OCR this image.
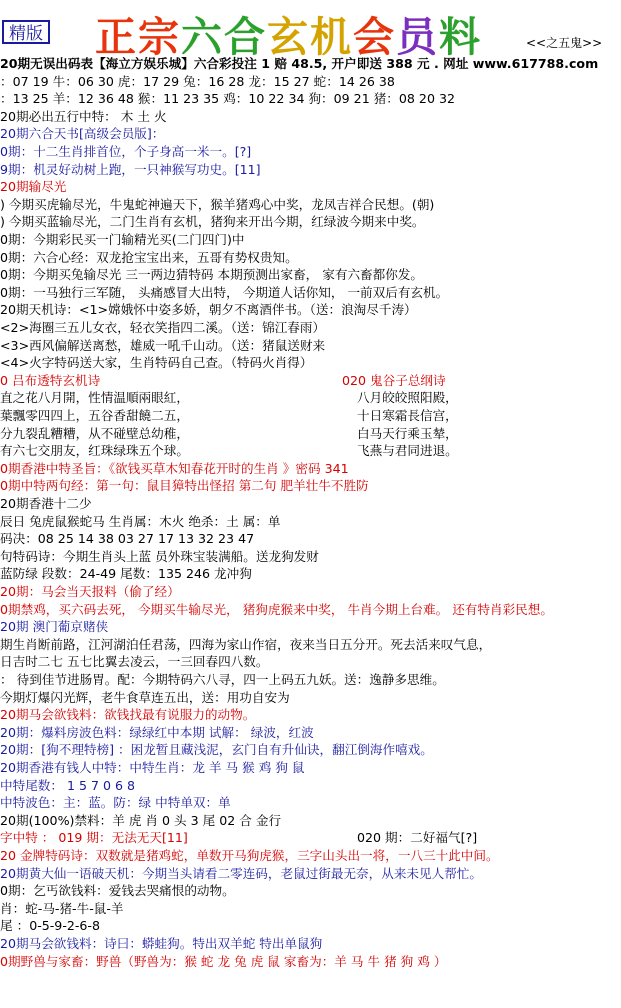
精版 正宗六合玄机会员料	<<之五鬼>>
20期无误出码表【海立方娱乐城】六合彩投注 1 赔 48.5, 开户即送 388 元 . 网址 www.617788.com
：07 19 牛：06 30 虎：17 29 兔：16 28 龙：15 27 蛇：14 26 38
：13 25 羊：12 36 48 猴：11 23 35 鸡：10 22 34 狗：09 21 猪：08 20 32
20期必出五行中特： 木 土 火
20期六合天书[高级会员版]：
0期：十二生肖排首位，个子身高一米一。[?]
9期：机灵好动树上跑，一只神猴写功史。[11]
20期输尽光
) 今期买虎输尽光，牛鬼蛇神遍天下，猴羊猪鸡心中奖，龙凤吉祥合民想。(朝)
) 今期买蓝输尽光，二门生肖有玄机，猪狗来开出今期，红绿波今期来中奖。
0期：今期彩民买一门输精光买(二门四门)中
0期：六合心经：双龙抢宝宝出来，五哥有势权贵知。
0期：今期买兔输尽光 三一两边猜特码 本期预测出家畜， 家有六畜都你发。
0期：一马独行三军随， 头痛感冒大出特， 今期道人话你知， 一前双后有玄机。
20期天机诗：<1>嫦娥怀中姿多娇，朝夕不离酒伴书。（送：浪淘尽千涛）
<2>海圈三五儿女衣，轻衣笑指四二溪。（送：锦江春雨）
<3>西风偏解送离愁，雄威一吼千山动。（送：猪鼠送财来
<4>火字特码送大家，生肖特码自己查。（特码火肖得）
0 吕布透特玄机诗	020 鬼谷子总纲诗
直之花八月開，性情温順兩眼紅，	八月皎皎照阳殿，
葉飄零四四上，五谷香甜饒二五，	十日寒霜長信宫，
分九裂乱糟糟，从不碰壁总幼稚，	白马天行乘玉辇，
有六七交朋友，红珠绿珠五个球。	飞燕与君同进退。
0期香港中特圣旨：《欲钱买草木知春花开时的生肖 》密码 341
0期中特两句经：第一句：鼠目獐特出怪招 第二句 肥羊壮牛不胜防
20期香港十二少
辰日 兔虎鼠猴蛇马 生肖属：木火 绝杀：土 属：单
码决：08 25 14 38 03 27 17 13 32 23 47
句特码诗：今期生肖头上蓝 员外珠宝装满船。送龙狗发财
蓝防绿 段数：24-49 尾数：135 246 龙冲狗
20期：马会当天报料（偷了经）
0期禁鸡，买六码去死， 今期买牛输尽光， 猪狗虎猴来中奖， 牛肖今期上台难。 还有特肖彩民想。
20期 澳门葡京赌侠
期生肖断前路，江河湖泊任君荡，四海为家山作宿，夜来当日五分开。死去活来叹气息，
日吉时二七 五七比翼去凌云，一三回春四八数。
： 待到佳节进肠胃。配：今期特码六八寻，四一上码五九妖。送：逸静多思维。
今期灯爆闪光辉，老牛食草连五出，送：用功自安为
20期马会欲钱料：欲钱找最有说服力的动物。
20期：爆料房波色料：绿绿红中本期 试解： 绿波，红波
20期：[狗不理特榜] ：困龙暂且藏浅泥，玄门自有升仙诀，翻江倒海作嘻戏。
20期香港有钱人中特：中特生肖：龙 羊 马 猴 鸡 狗 鼠
中特尾数： 1 5 7 0 6 8
中特波色：主：蓝。防：绿 中特单双：单
20期(100%)禁料：羊 虎 肖 0 头 3 尾 02 合 金行
字中特 ： 019 期：无法无天[11]	020 期：二好福气[?]
20 金牌特码诗：双数就是猪鸡蛇，单数开马狗虎猴，三字山头出一将，一八三十此中间。
20期黄大仙一语破天机：今期当头请看二零连码，老鼠过街最无奈，从来未见人帮忙。
0期：乞丐欲钱料：爱钱去哭痛恨的动物。
肖：蛇-马-猪-牛-鼠-羊
尾 ：0-5-9-2-6-8
20期马会欲钱料：诗曰：蟒蛙狗。特出双羊蛇 特出单鼠狗
0期野兽与家畜：野兽（野兽为：猴 蛇 龙 兔 虎 鼠 家畜为：羊 马 牛 猪 狗 鸡 ）
